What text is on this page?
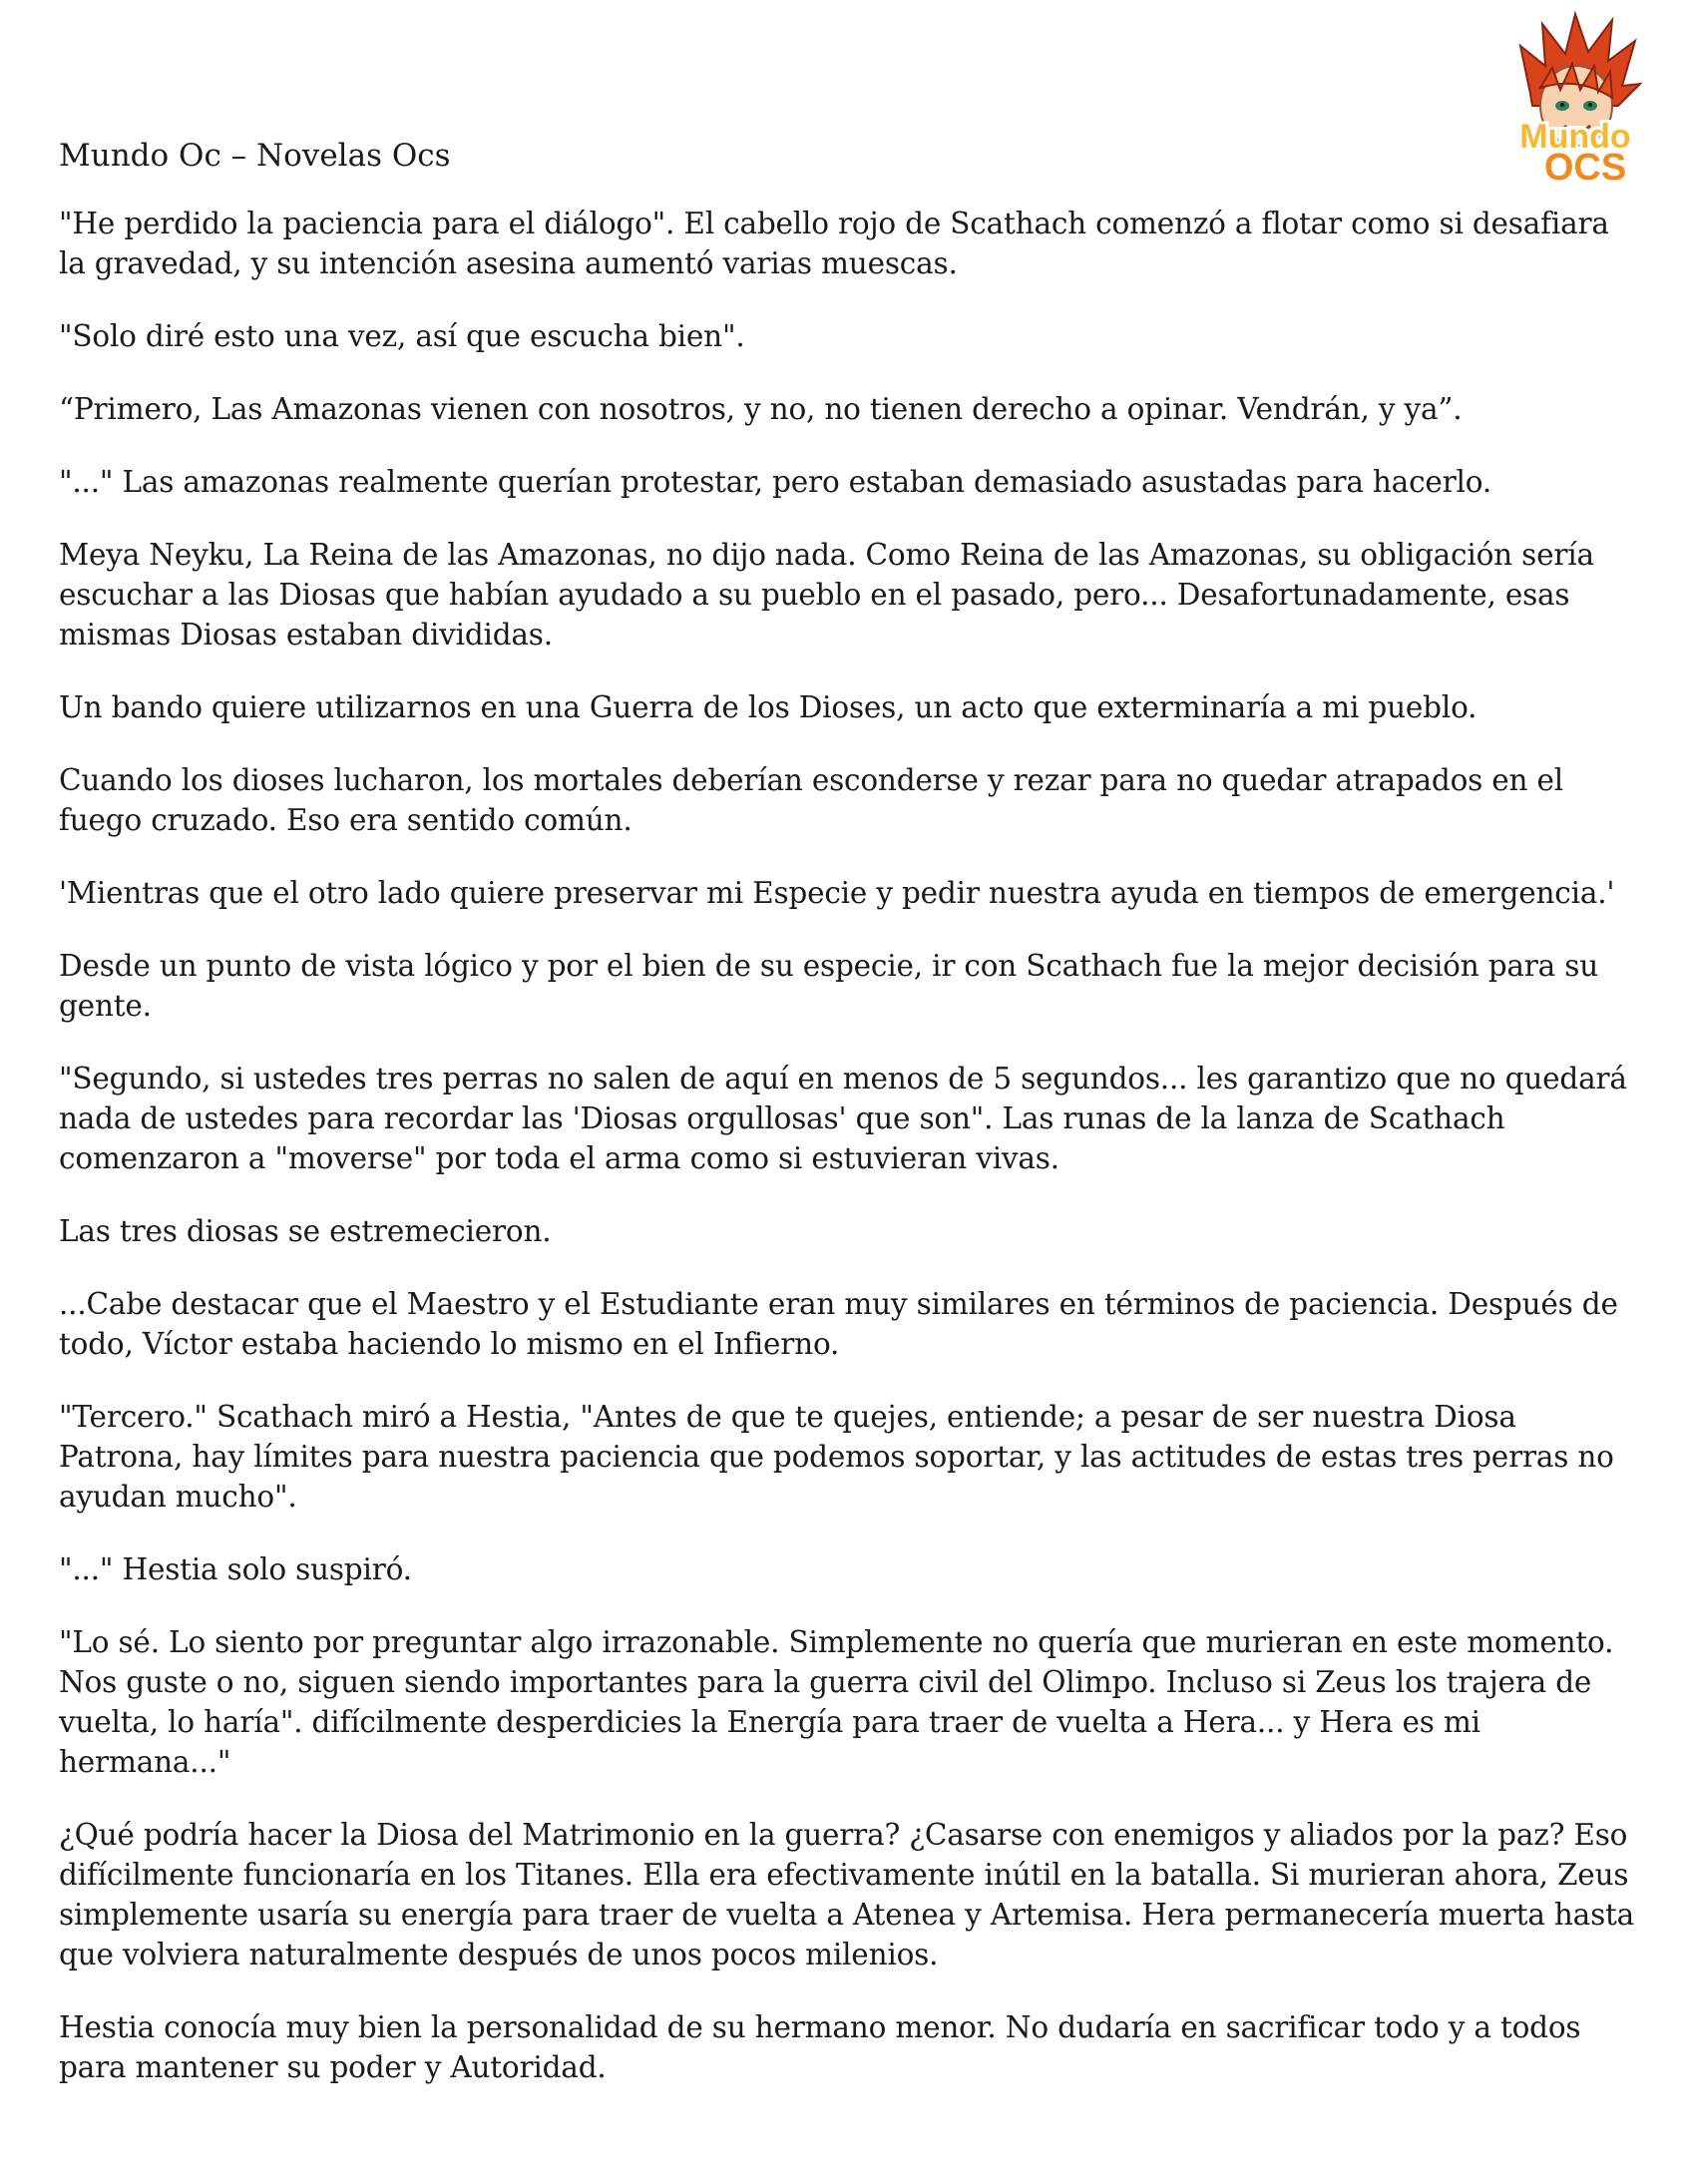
Mundo
OCS
Mundo Oc – Novelas Ocs

"He perdido la paciencia para el diálogo". El cabello rojo de Scathach comenzó a flotar como si desafiara la gravedad, y su intención asesina aumentó varias muescas.

"Solo diré esto una vez, así que escucha bien".

“Primero, Las Amazonas vienen con nosotros, y no, no tienen derecho a opinar. Vendrán, y ya”.

"..." Las amazonas realmente querían protestar, pero estaban demasiado asustadas para hacerlo.

Meya Neyku, La Reina de las Amazonas, no dijo nada. Como Reina de las Amazonas, su obligación sería escuchar a las Diosas que habían ayudado a su pueblo en el pasado, pero... Desafortunadamente, esas mismas Diosas estaban divididas.

Un bando quiere utilizarnos en una Guerra de los Dioses, un acto que exterminaría a mi pueblo.

Cuando los dioses lucharon, los mortales deberían esconderse y rezar para no quedar atrapados en el fuego cruzado. Eso era sentido común.

'Mientras que el otro lado quiere preservar mi Especie y pedir nuestra ayuda en tiempos de emergencia.'

Desde un punto de vista lógico y por el bien de su especie, ir con Scathach fue la mejor decisión para su gente.

"Segundo, si ustedes tres perras no salen de aquí en menos de 5 segundos... les garantizo que no quedará nada de ustedes para recordar las 'Diosas orgullosas' que son". Las runas de la lanza de Scathach comenzaron a "moverse" por toda el arma como si estuvieran vivas.

Las tres diosas se estremecieron.

...Cabe destacar que el Maestro y el Estudiante eran muy similares en términos de paciencia. Después de todo, Víctor estaba haciendo lo mismo en el Infierno.

"Tercero." Scathach miró a Hestia, "Antes de que te quejes, entiende; a pesar de ser nuestra Diosa Patrona, hay límites para nuestra paciencia que podemos soportar, y las actitudes de estas tres perras no ayudan mucho".

"..." Hestia solo suspiró.

"Lo sé. Lo siento por preguntar algo irrazonable. Simplemente no quería que murieran en este momento. Nos guste o no, siguen siendo importantes para la guerra civil del Olimpo. Incluso si Zeus los trajera de vuelta, lo haría". difícilmente desperdicies la Energía para traer de vuelta a Hera... y Hera es mi hermana..."

¿Qué podría hacer la Diosa del Matrimonio en la guerra? ¿Casarse con enemigos y aliados por la paz? Eso difícilmente funcionaría en los Titanes. Ella era efectivamente inútil en la batalla. Si murieran ahora, Zeus simplemente usaría su energía para traer de vuelta a Atenea y Artemisa. Hera permanecería muerta hasta que volviera naturalmente después de unos pocos milenios.

Hestia conocía muy bien la personalidad de su hermano menor. No dudaría en sacrificar todo y a todos para mantener su poder y Autoridad.
